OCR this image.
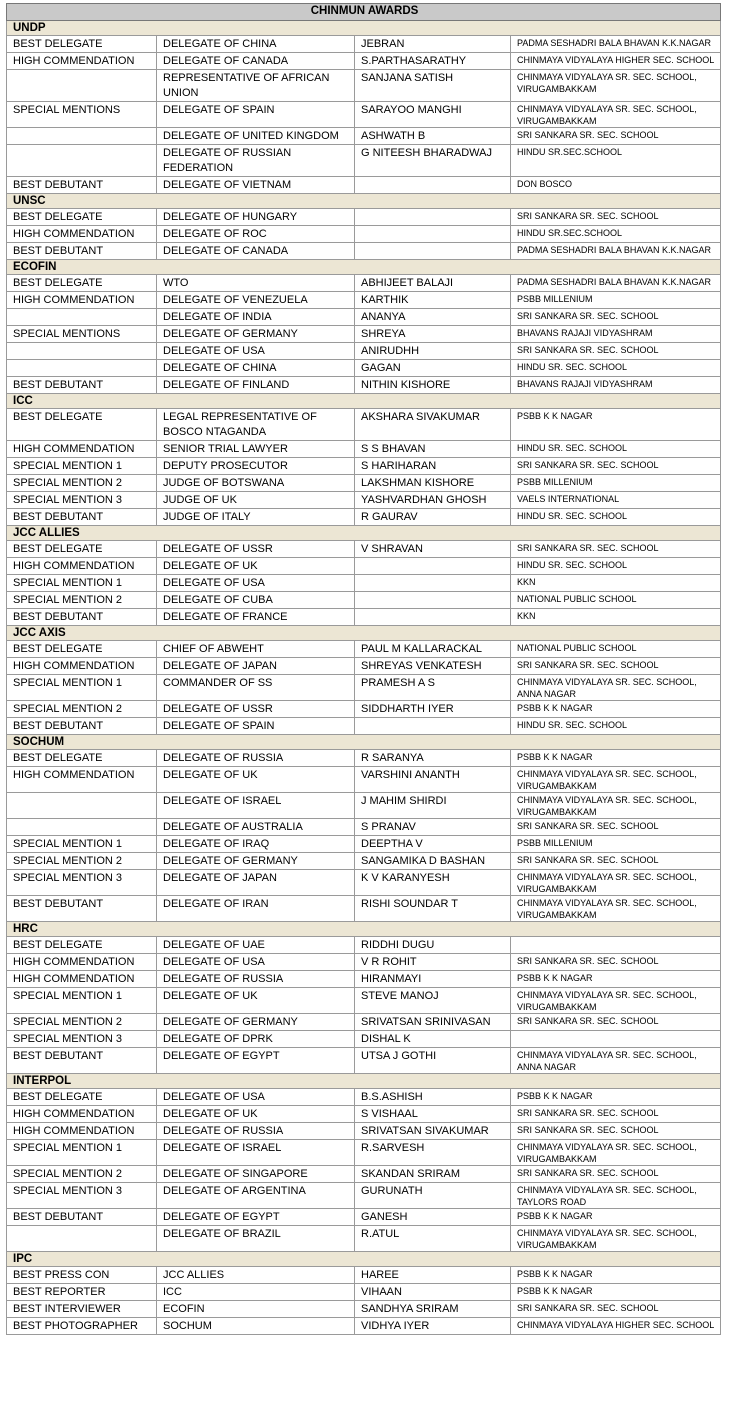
CHINMUN AWARDS			
UNDP			
BEST DELEGATE	DELEGATE OF CHINA	JEBRAN	PADMA SESHADRI BALA BHAVAN K.K.NAGAR
HIGH COMMENDATION	DELEGATE OF CANADA	S.PARTHASARATHY	CHINMAYA VIDYALAYA HIGHER SEC. SCHOOL
	REPRESENTATIVE OF AFRICAN UNION	SANJANA SATISH	CHINMAYA VIDYALAYA SR. SEC. SCHOOL, VIRUGAMBAKKAM
SPECIAL MENTIONS	DELEGATE OF SPAIN	SARAYOO MANGHI	CHINMAYA VIDYALAYA SR. SEC. SCHOOL, VIRUGAMBAKKAM
	DELEGATE OF UNITED KINGDOM	ASHWATH B	SRI SANKARA SR. SEC. SCHOOL
	DELEGATE OF RUSSIAN FEDERATION	G NITEESH BHARADWAJ	HINDU SR.SEC.SCHOOL
BEST DEBUTANT	DELEGATE OF VIETNAM		DON BOSCO
UNSC			
BEST DELEGATE	DELEGATE OF HUNGARY		SRI SANKARA SR. SEC. SCHOOL
HIGH COMMENDATION	DELEGATE OF ROC		HINDU SR.SEC.SCHOOL
BEST DEBUTANT	DELEGATE OF CANADA		PADMA SESHADRI BALA BHAVAN K.K.NAGAR
ECOFIN			
BEST DELEGATE	WTO	ABHIJEET BALAJI	PADMA SESHADRI BALA BHAVAN K.K.NAGAR
HIGH COMMENDATION	DELEGATE OF VENEZUELA	KARTHIK	PSBB MILLENIUM
	DELEGATE OF INDIA	ANANYA	SRI SANKARA SR. SEC. SCHOOL
SPECIAL MENTIONS	DELEGATE OF GERMANY	SHREYA	BHAVANS RAJAJI VIDYASHRAM
	DELEGATE OF USA	ANIRUDHH	SRI SANKARA SR. SEC. SCHOOL
	DELEGATE OF CHINA	GAGAN	HINDU SR. SEC. SCHOOL
BEST DEBUTANT	DELEGATE OF FINLAND	NITHIN KISHORE	BHAVANS RAJAJI VIDYASHRAM
ICC			
BEST DELEGATE	LEGAL REPRESENTATIVE OF BOSCO NTAGANDA	AKSHARA SIVAKUMAR	PSBB K K NAGAR
HIGH COMMENDATION	SENIOR TRIAL LAWYER	S S BHAVAN	HINDU SR. SEC. SCHOOL
SPECIAL MENTION 1	DEPUTY PROSECUTOR	S HARIHARAN	SRI SANKARA SR. SEC. SCHOOL
SPECIAL MENTION 2	JUDGE OF BOTSWANA	LAKSHMAN KISHORE	PSBB MILLENIUM
SPECIAL MENTION 3	JUDGE OF UK	YASHVARDHAN GHOSH	VAELS INTERNATIONAL
BEST DEBUTANT	JUDGE OF ITALY	R GAURAV	HINDU SR. SEC. SCHOOL
JCC ALLIES			
BEST DELEGATE	DELEGATE OF USSR	V SHRAVAN	SRI SANKARA SR. SEC. SCHOOL
HIGH COMMENDATION	DELEGATE OF UK		HINDU SR. SEC. SCHOOL
SPECIAL MENTION 1	DELEGATE OF USA		KKN
SPECIAL MENTION 2	DELEGATE OF CUBA		NATIONAL PUBLIC SCHOOL
BEST DEBUTANT	DELEGATE OF FRANCE		KKN
JCC AXIS			
BEST DELEGATE	CHIEF OF ABWEHT	PAUL M KALLARACKAL	NATIONAL PUBLIC SCHOOL
HIGH COMMENDATION	DELEGATE OF JAPAN	SHREYAS VENKATESH	SRI SANKARA SR. SEC. SCHOOL
SPECIAL MENTION 1	COMMANDER OF SS	PRAMESH A S	CHINMAYA VIDYALAYA SR. SEC. SCHOOL, ANNA NAGAR
SPECIAL MENTION 2	DELEGATE OF USSR	SIDDHARTH IYER	PSBB K K NAGAR
BEST DEBUTANT	DELEGATE OF SPAIN		HINDU SR. SEC. SCHOOL
SOCHUM			
BEST DELEGATE	DELEGATE OF RUSSIA	R SARANYA	PSBB K K NAGAR
HIGH COMMENDATION	DELEGATE OF UK	VARSHINI ANANTH	CHINMAYA VIDYALAYA SR. SEC. SCHOOL, VIRUGAMBAKKAM
	DELEGATE OF ISRAEL	J MAHIM SHIRDI	CHINMAYA VIDYALAYA SR. SEC. SCHOOL, VIRUGAMBAKKAM
	DELEGATE OF AUSTRALIA	S PRANAV	SRI SANKARA SR. SEC. SCHOOL
SPECIAL MENTION 1	DELEGATE OF IRAQ	DEEPTHA V	PSBB MILLENIUM
SPECIAL MENTION 2	DELEGATE OF GERMANY	SANGAMIKA D BASHAN	SRI SANKARA SR. SEC. SCHOOL
SPECIAL MENTION 3	DELEGATE OF JAPAN	K V KARANYESH	CHINMAYA VIDYALAYA SR. SEC. SCHOOL, VIRUGAMBAKKAM
BEST DEBUTANT	DELEGATE OF IRAN	RISHI SOUNDAR T	CHINMAYA VIDYALAYA SR. SEC. SCHOOL, VIRUGAMBAKKAM
HRC			
BEST DELEGATE	DELEGATE OF UAE	RIDDHI DUGU	
HIGH COMMENDATION	DELEGATE OF USA	V R ROHIT	SRI SANKARA SR. SEC. SCHOOL
HIGH COMMENDATION	DELEGATE OF RUSSIA	HIRANMAYI	PSBB K K NAGAR
SPECIAL MENTION 1	DELEGATE OF UK	STEVE MANOJ	CHINMAYA VIDYALAYA SR. SEC. SCHOOL, VIRUGAMBAKKAM
SPECIAL MENTION 2	DELEGATE OF GERMANY	SRIVATSAN SRINIVASAN	SRI SANKARA SR. SEC. SCHOOL
SPECIAL MENTION 3	DELEGATE OF DPRK	DISHAL K	
BEST DEBUTANT	DELEGATE OF EGYPT	UTSA J GOTHI	CHINMAYA VIDYALAYA SR. SEC. SCHOOL, ANNA NAGAR
INTERPOL			
BEST DELEGATE	DELEGATE OF USA	B.S.ASHISH	PSBB K K NAGAR
HIGH COMMENDATION	DELEGATE OF UK	S VISHAAL	SRI SANKARA SR. SEC. SCHOOL
HIGH COMMENDATION	DELEGATE OF RUSSIA	SRIVATSAN SIVAKUMAR	SRI SANKARA SR. SEC. SCHOOL
SPECIAL MENTION 1	DELEGATE OF ISRAEL	R.SARVESH	CHINMAYA VIDYALAYA SR. SEC. SCHOOL, VIRUGAMBAKKAM
SPECIAL MENTION 2	DELEGATE OF SINGAPORE	SKANDAN SRIRAM	SRI SANKARA SR. SEC. SCHOOL
SPECIAL MENTION 3	DELEGATE OF ARGENTINA	GURUNATH	CHINMAYA VIDYALAYA SR. SEC. SCHOOL, TAYLORS ROAD
BEST DEBUTANT	DELEGATE OF EGYPT	GANESH	PSBB K K NAGAR
	DELEGATE OF BRAZIL	R.ATUL	CHINMAYA VIDYALAYA SR. SEC. SCHOOL, VIRUGAMBAKKAM
IPC			
BEST PRESS CON	JCC ALLIES	HAREE	PSBB K K NAGAR
BEST REPORTER	ICC	VIHAAN	PSBB K K NAGAR
BEST INTERVIEWER	ECOFIN	SANDHYA SRIRAM	SRI SANKARA SR. SEC. SCHOOL
BEST PHOTOGRAPHER	SOCHUM	VIDHYA IYER	CHINMAYA VIDYALAYA HIGHER SEC. SCHOOL
